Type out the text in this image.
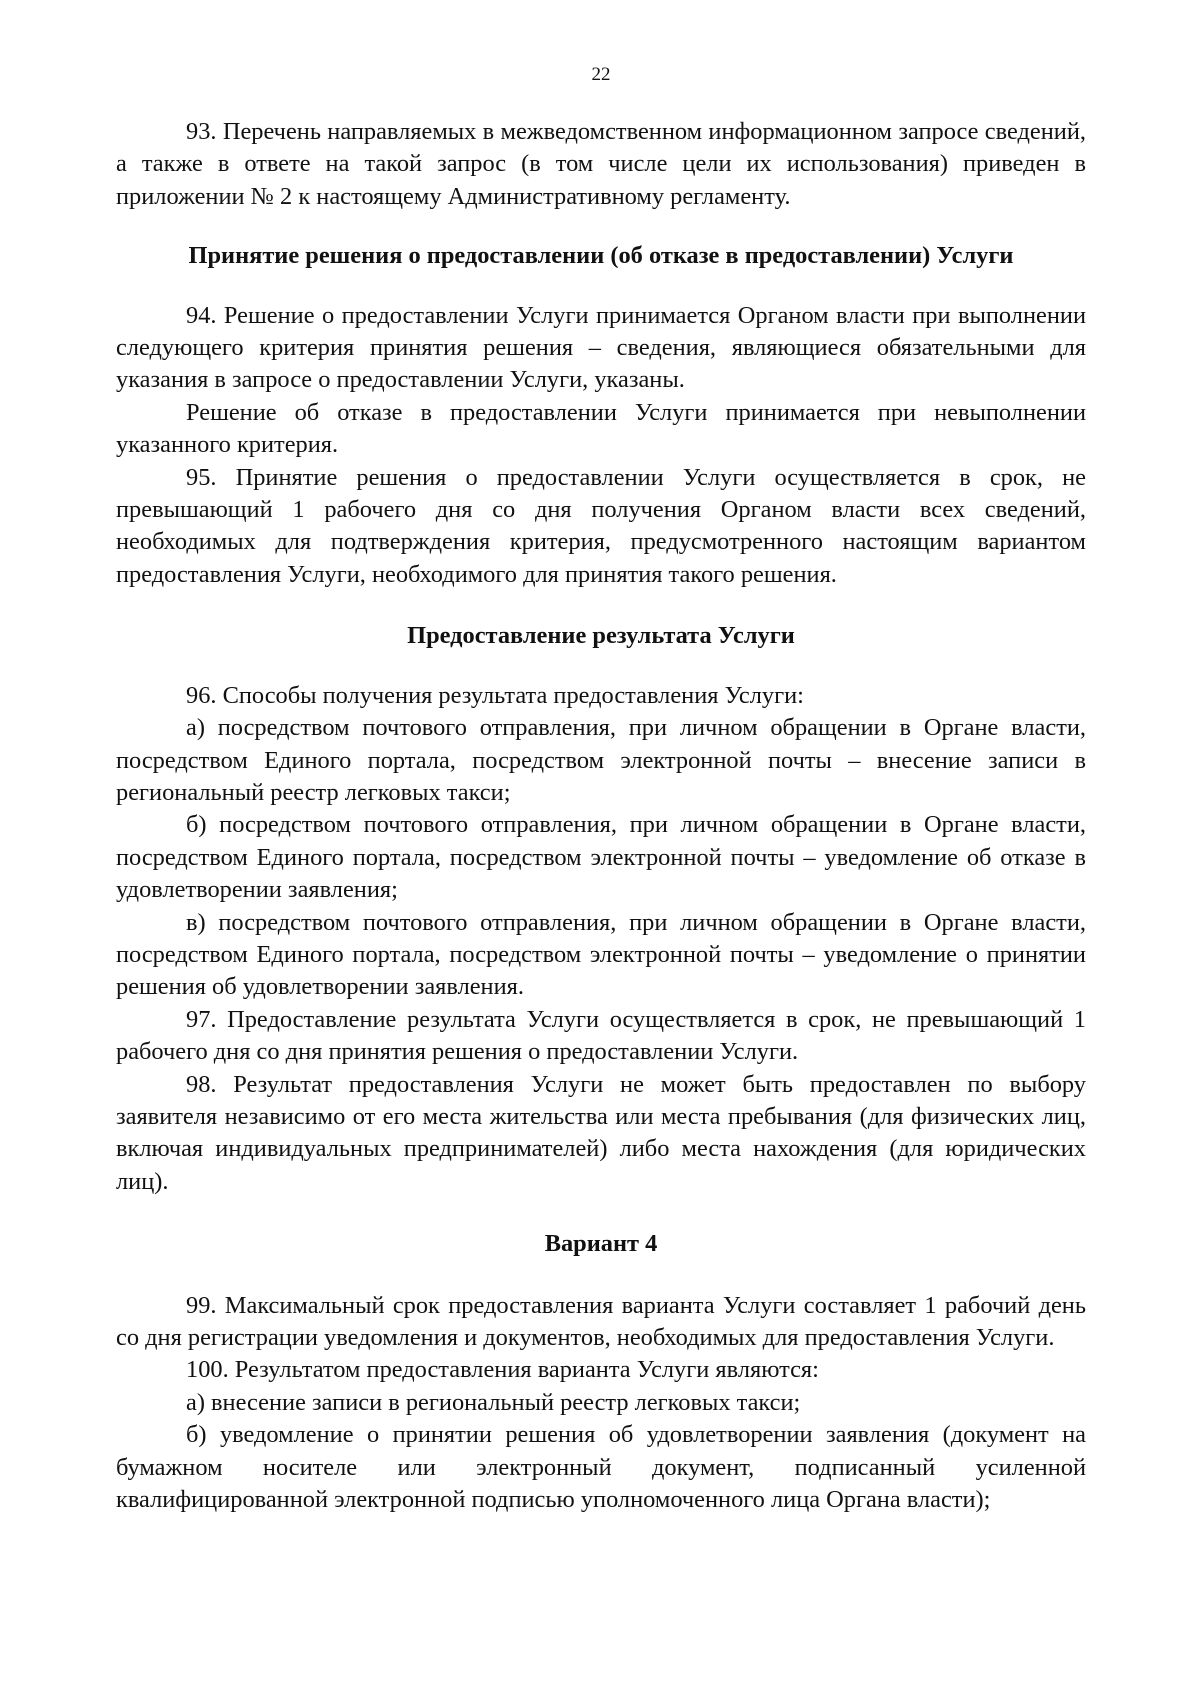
22

93. Перечень направляемых в межведомственном информационном запросе сведений, а также в ответе на такой запрос (в том числе цели их использования) приведен в приложении № 2 к настоящему Административному регламенту.

Принятие решения о предоставлении (об отказе в предоставлении) Услуги

94. Решение о предоставлении Услуги принимается Органом власти при выполнении следующего критерия принятия решения – сведения, являющиеся обязательными для указания в запросе о предоставлении Услуги, указаны.

Решение об отказе в предоставлении Услуги принимается при невыполнении указанного критерия.

95. Принятие решения о предоставлении Услуги осуществляется в срок, не превышающий 1 рабочего дня со дня получения Органом власти всех сведений, необходимых для подтверждения критерия, предусмотренного настоящим вариантом предоставления Услуги, необходимого для принятия такого решения.

Предоставление результата Услуги

96. Способы получения результата предоставления Услуги:

а) посредством почтового отправления, при личном обращении в Органе власти, посредством Единого портала, посредством электронной почты – внесение записи в региональный реестр легковых такси;

б) посредством почтового отправления, при личном обращении в Органе власти, посредством Единого портала, посредством электронной почты – уведомление об отказе в удовлетворении заявления;

в) посредством почтового отправления, при личном обращении в Органе власти, посредством Единого портала, посредством электронной почты – уведомление о принятии решения об удовлетворении заявления.

97. Предоставление результата Услуги осуществляется в срок, не превышающий 1 рабочего дня со дня принятия решения о предоставлении Услуги.

98. Результат предоставления Услуги не может быть предоставлен по выбору заявителя независимо от его места жительства или места пребывания (для физических лиц, включая индивидуальных предпринимателей) либо места нахождения (для юридических лиц).

Вариант 4

99. Максимальный срок предоставления варианта Услуги составляет 1 рабочий день со дня регистрации уведомления и документов, необходимых для предоставления Услуги.

100. Результатом предоставления варианта Услуги являются:

а) внесение записи в региональный реестр легковых такси;

б) уведомление о принятии решения об удовлетворении заявления (документ на бумажном носителе или электронный документ, подписанный усиленной квалифицированной электронной подписью уполномоченного лица Органа власти);
